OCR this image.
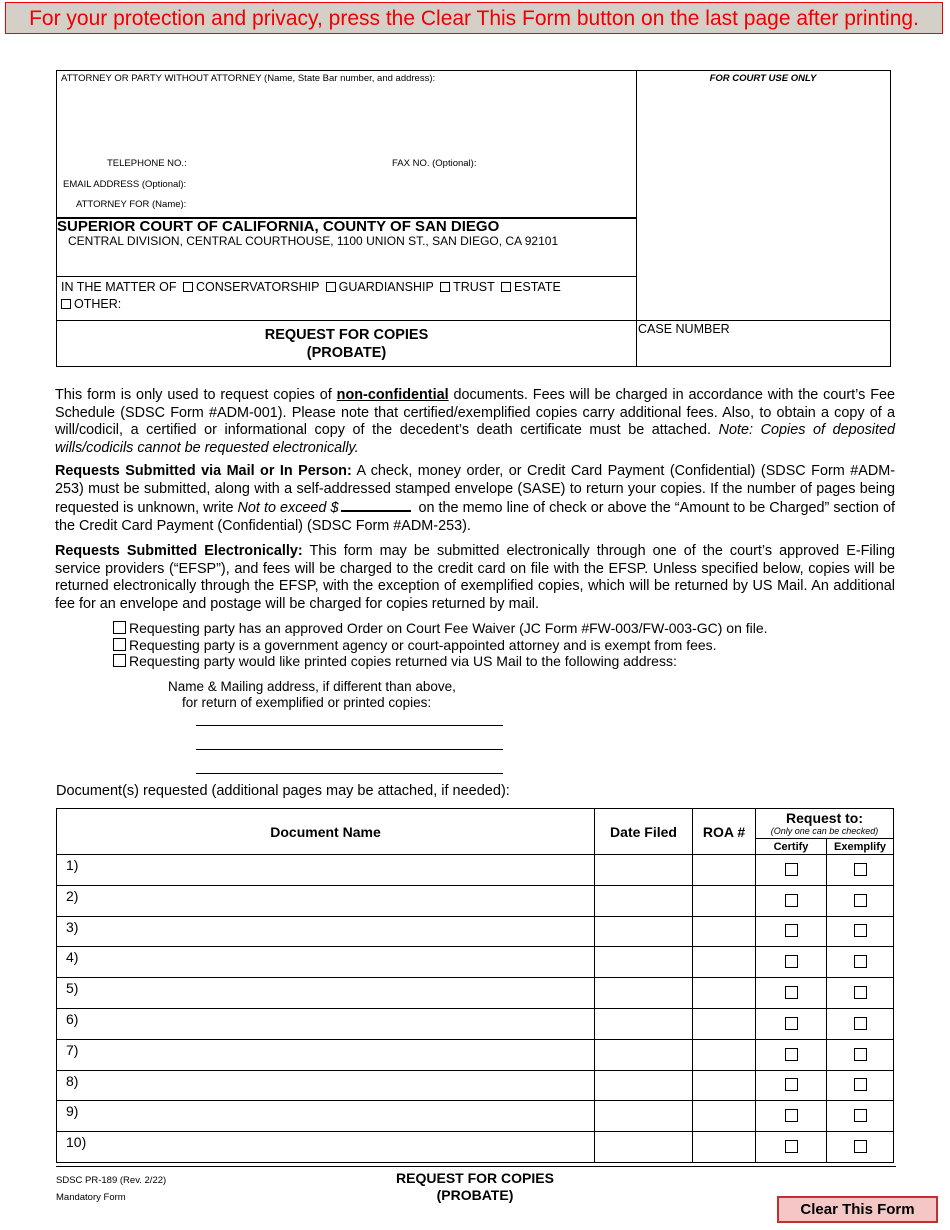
For your protection and privacy, press the Clear This Form button on the last page after printing.
ATTORNEY OR PARTY WITHOUT ATTORNEY (Name, State Bar number, and address):	FOR COURT USE ONLY
TELEPHONE NO.:	FAX NO. (Optional):
EMAIL ADDRESS (Optional):
ATTORNEY FOR (Name):
SUPERIOR COURT OF CALIFORNIA, COUNTY OF SAN DIEGO
CENTRAL DIVISION, CENTRAL COURTHOUSE, 1100 UNION ST., SAN DIEGO, CA 92101
IN THE MATTER OF CONSERVATORSHIP GUARDIANSHIP TRUST ESTATE
OTHER:
REQUEST FOR COPIES
(PROBATE)
CASE NUMBER
This form is only used to request copies of non-confidential documents. Fees will be charged in accordance with the court’s Fee Schedule (SDSC Form #ADM-001). Please note that certified/exemplified copies carry additional fees. Also, to obtain a copy of a will/codicil, a certified or informational copy of the decedent’s death certificate must be attached. Note: Copies of deposited wills/codicils cannot be requested electronically.
Requests Submitted via Mail or In Person: A check, money order, or Credit Card Payment (Confidential) (SDSC Form #ADM-253) must be submitted, along with a self-addressed stamped envelope (SASE) to return your copies. If the number of pages being requested is unknown, write Not to exceed $	on the memo line of check or above the “Amount to be Charged” section of the Credit Card Payment (Confidential) (SDSC Form #ADM-253).
Requests Submitted Electronically: This form may be submitted electronically through one of the court’s approved E-Filing service providers (“EFSP”), and fees will be charged to the credit card on file with the EFSP. Unless specified below, copies will be returned electronically through the EFSP, with the exception of exemplified copies, which will be returned by US Mail. An additional fee for an envelope and postage will be charged for copies returned by mail.
Requesting party has an approved Order on Court Fee Waiver (JC Form #FW-003/FW-003-GC) on file.
Requesting party is a government agency or court-appointed attorney and is exempt from fees.
Requesting party would like printed copies returned via US Mail to the following address:
Name & Mailing address, if different than above,
for return of exemplified or printed copies:
Document(s) requested (additional pages may be attached, if needed):
Document Name	Date Filed	ROA #	Request to:
(Only one can be checked)	

			Certify	Exemplify
1)				
2)				
3)				
4)				
5)				
6)				
7)				
8)				
9)				
10)				
SDSC PR-189 (Rev. 2/22)
Mandatory Form
REQUEST FOR COPIES
(PROBATE)
Clear This Form
